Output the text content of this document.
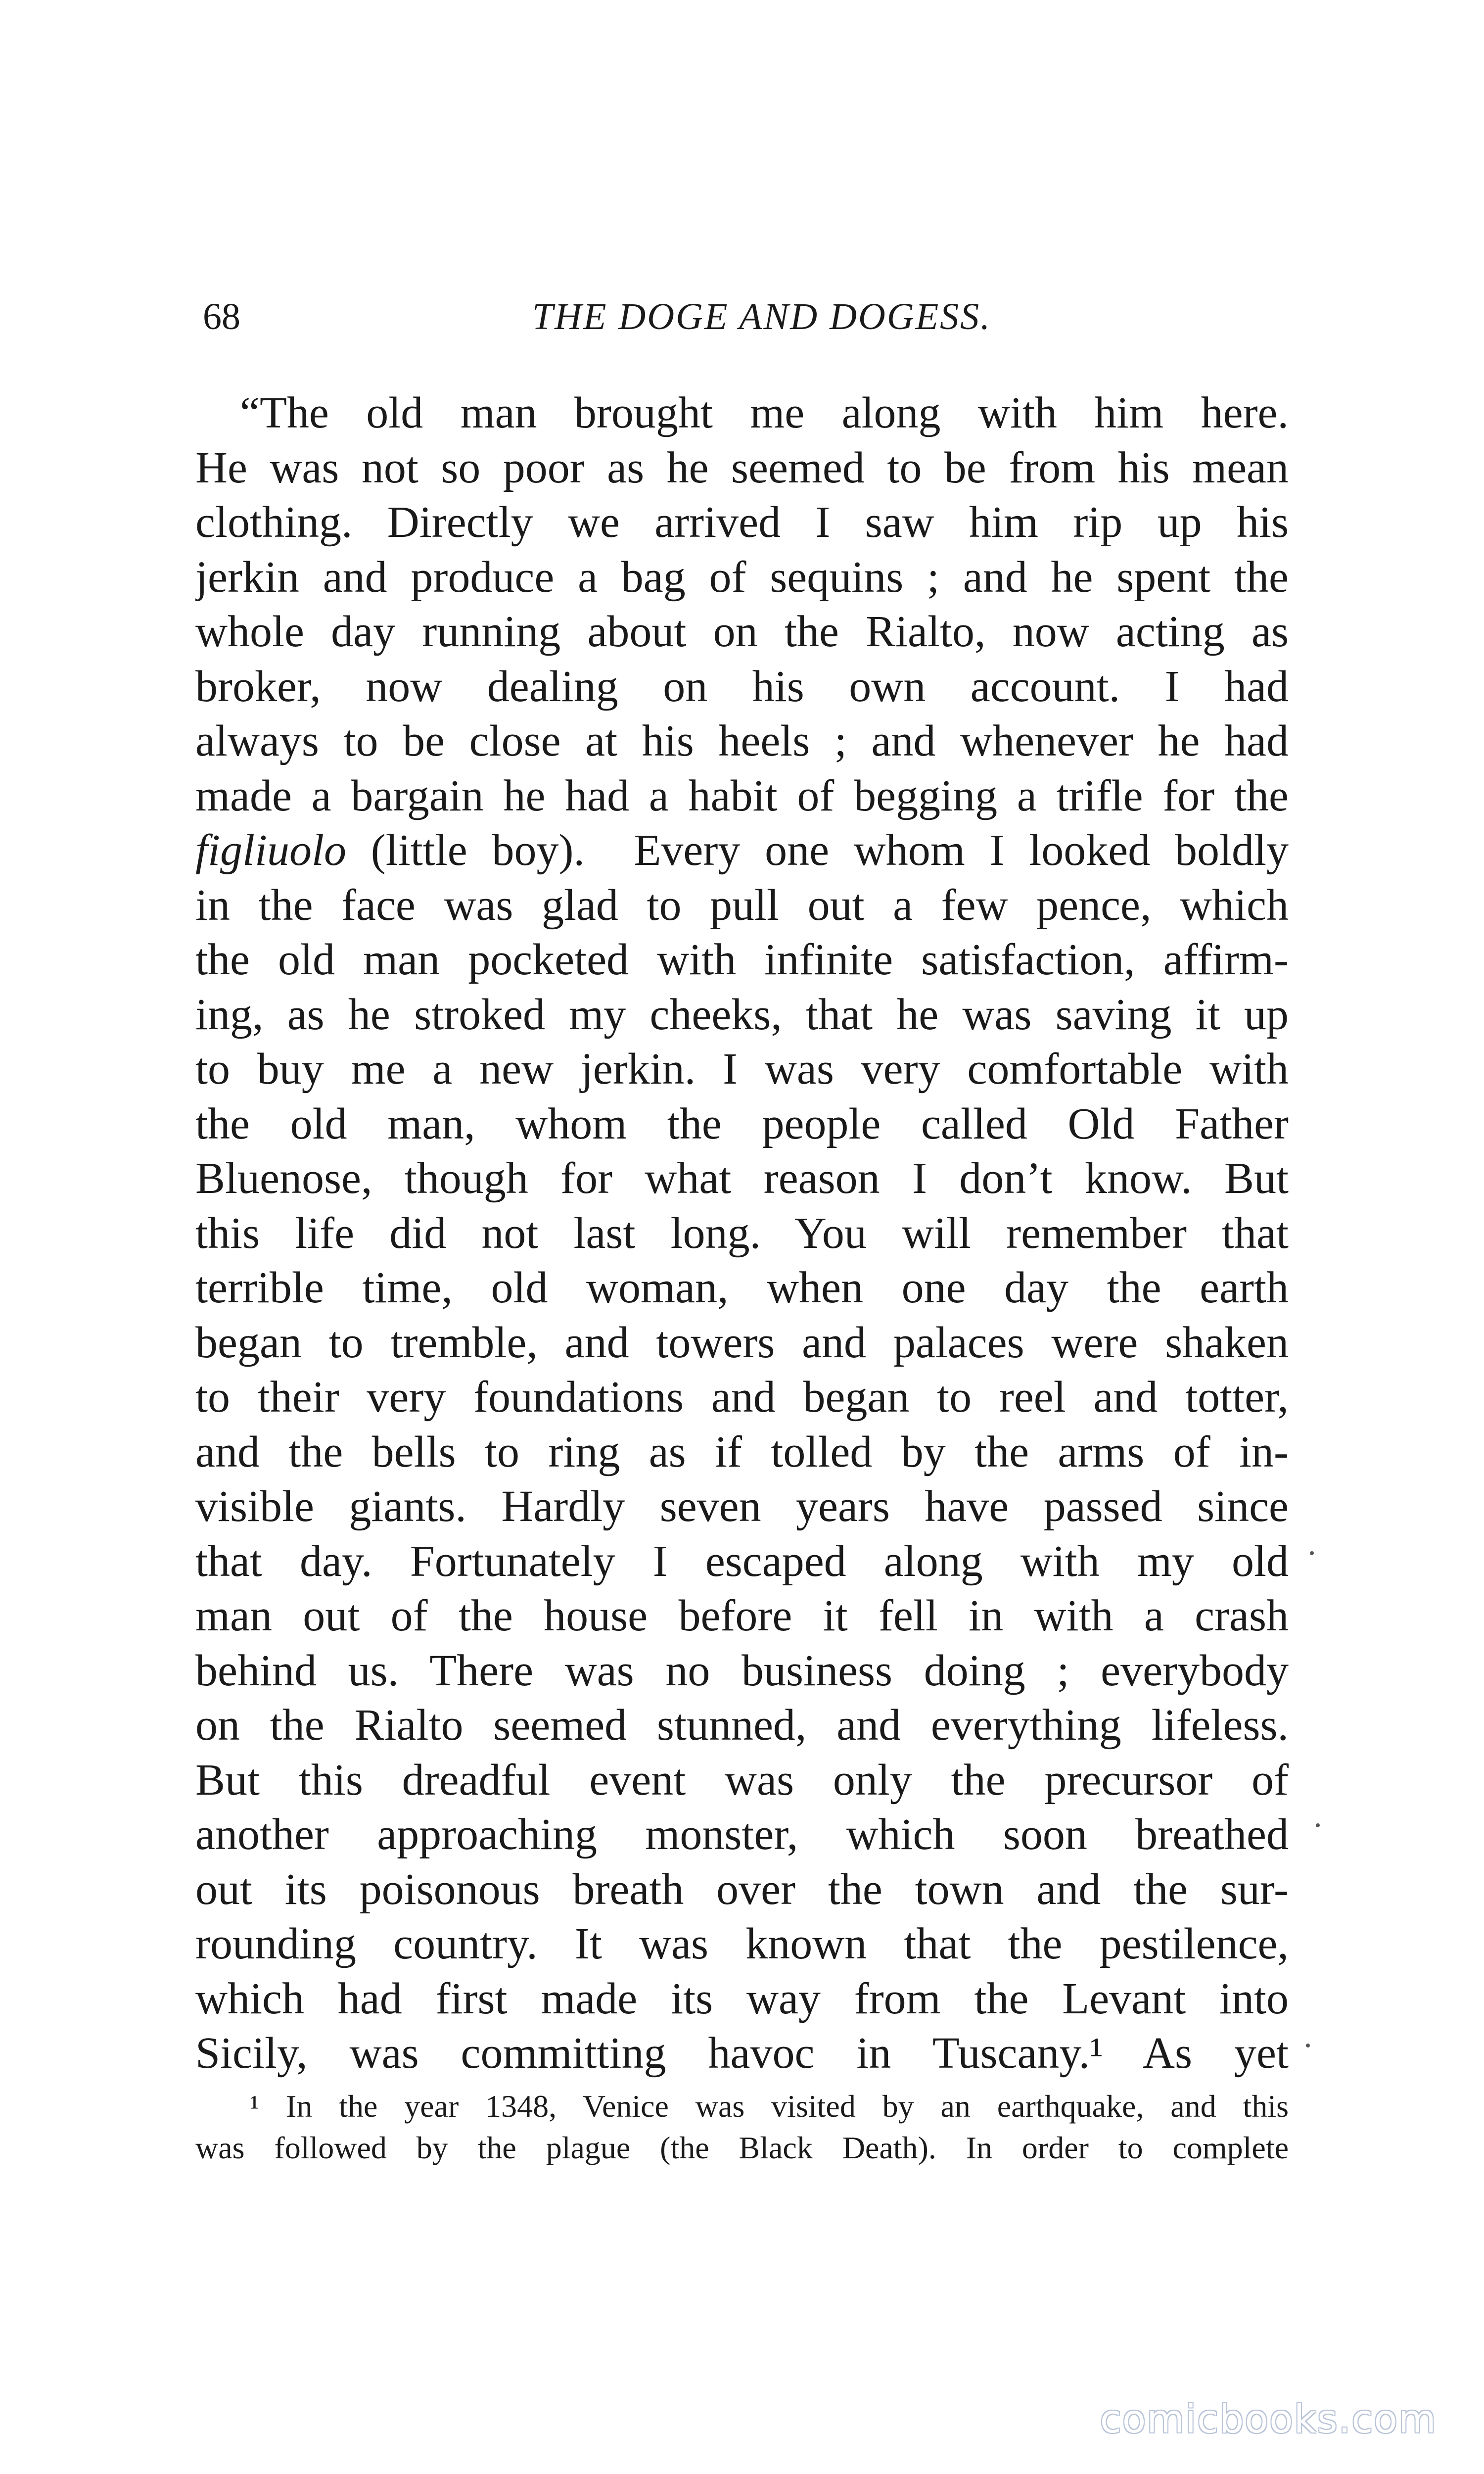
68	THE DOGE AND DOGESS.
“The old man brought me along with him here.
He was not so poor as he seemed to be from his mean
clothing. Directly we arrived I saw him rip up his
jerkin and produce a bag of sequins ; and he spent the
whole day running about on the Rialto, now acting as
broker, now dealing on his own account. I had
always to be close at his heels ; and whenever he had
made a bargain he had a habit of begging a trifle for the
figliuolo (little boy).  Every one whom I looked boldly
in the face was glad to pull out a few pence, which
the old man pocketed with infinite satisfaction, affirm-
ing, as he stroked my cheeks, that he was saving it up
to buy me a new jerkin. I was very comfortable with
the old man, whom the people called Old Father
Bluenose, though for what reason I don’t know. But
this life did not last long. You will remember that
terrible time, old woman, when one day the earth
began to tremble, and towers and palaces were shaken
to their very foundations and began to reel and totter,
and the bells to ring as if tolled by the arms of in-
visible giants. Hardly seven years have passed since
that day. Fortunately I escaped along with my old
man out of the house before it fell in with a crash
behind us. There was no business doing ; everybody
on the Rialto seemed stunned, and everything lifeless.
But this dreadful event was only the precursor of
another approaching monster, which soon breathed
out its poisonous breath over the town and the sur-
rounding country. It was known that the pestilence,
which had first made its way from the Levant into
Sicily, was committing havoc in Tuscany.¹ As yet
¹ In the year 1348, Venice was visited by an earthquake, and this
was followed by the plague (the Black Death). In order to complete
comicbooks.com
